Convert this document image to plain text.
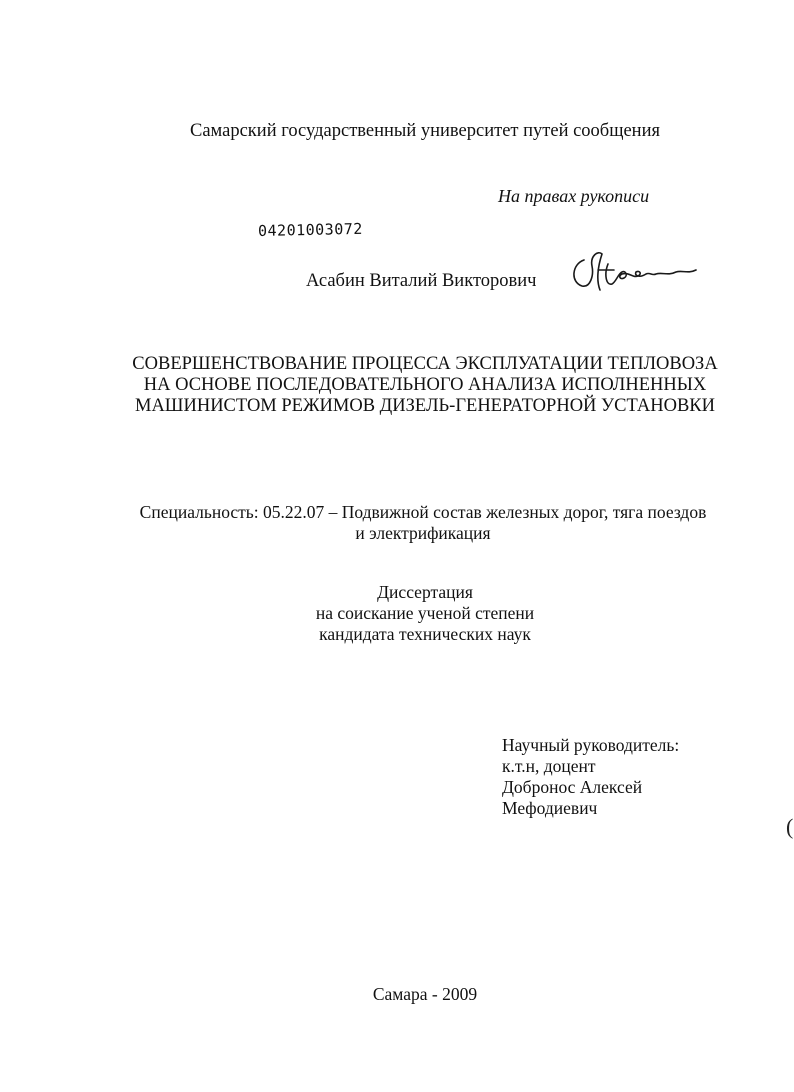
Самарский государственный университет путей сообщения
На правах рукописи
04201003072
Асабин Виталий Викторович
СОВЕРШЕНСТВОВАНИЕ ПРОЦЕССА ЭКСПЛУАТАЦИИ ТЕПЛОВОЗА
НА ОСНОВЕ ПОСЛЕДОВАТЕЛЬНОГО АНАЛИЗА ИСПОЛНЕННЫХ
МАШИНИСТОМ РЕЖИМОВ ДИЗЕЛЬ-ГЕНЕРАТОРНОЙ УСТАНОВКИ
Специальность: 05.22.07 – Подвижной состав железных дорог, тяга поездов
и электрификация
Диссертация
на соискание ученой степени
кандидата технических наук
Научный руководитель:
к.т.н, доцент
Добронос Алексей
Мефодиевич
(
Самара - 2009
